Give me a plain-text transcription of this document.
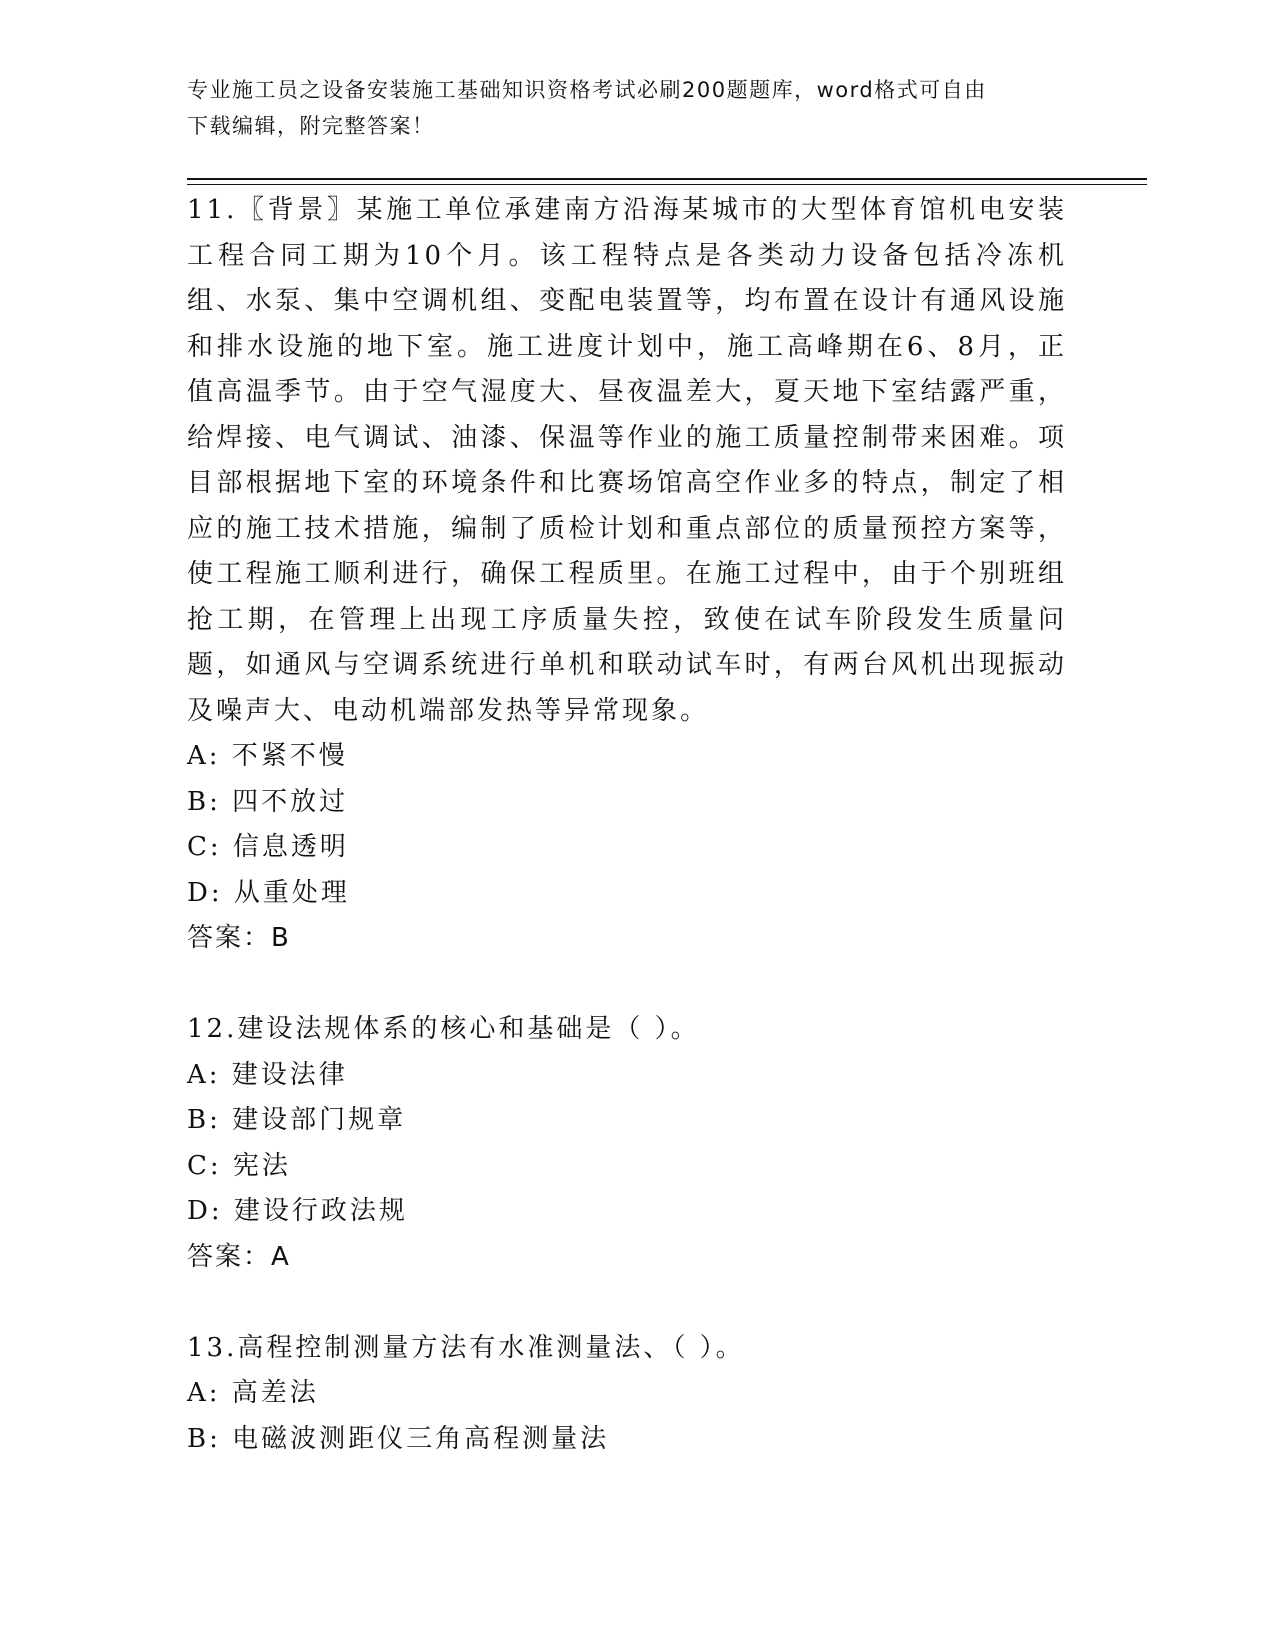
专业施工员之设备安装施工基础知识资格考试必刷200题题库，word格式可自由
下载编辑，附完整答案！

11.〖背景〗某施工单位承建南方沿海某城市的大型体育馆机电安装工程合同工期为10个月。该工程特点是各类动力设备包括冷冻机组、水泵、集中空调机组、变配电装置等，均布置在设计有通风设施和排水设施的地下室。施工进度计划中，施工高峰期在6、8月，正值高温季节。由于空气湿度大、昼夜温差大，夏天地下室结露严重，给焊接、电气调试、油漆、保温等作业的施工质量控制带来困难。项目部根据地下室的环境条件和比赛场馆高空作业多的特点，制定了相应的施工技术措施，编制了质检计划和重点部位的质量预控方案等，使工程施工顺利进行，确保工程质里。在施工过程中，由于个别班组抢工期，在管理上出现工序质量失控，致使在试车阶段发生质量问题，如通风与空调系统进行单机和联动试车时，有两台风机出现振动及噪声大、电动机端部发热等异常现象。

A: 不紧不慢

B: 四不放过

C: 信息透明

D: 从重处理

答案：B

12.建设法规体系的核心和基础是（ ）。

A: 建设法律

B: 建设部门规章

C: 宪法

D: 建设行政法规

答案：A

13.高程控制测量方法有水准测量法、（ ）。

A: 高差法

B: 电磁波测距仪三角高程测量法
